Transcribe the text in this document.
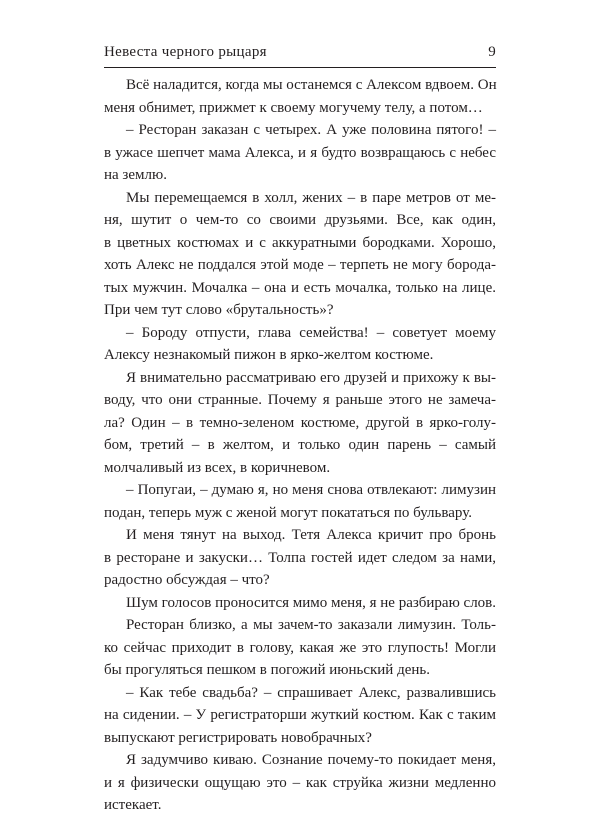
Невеста черного рыцаря	9
Всё наладится, когда мы останемся с Алексом вдвоем. Он
меня обнимет, прижмет к своему могучему телу, а потом…
– Ресторан заказан с четырех. А уже половина пятого! –
в ужасе шепчет мама Алекса, и я будто возвращаюсь с небес
на землю.
Мы перемещаемся в холл, жених – в паре метров от ме-
ня, шутит о чем-то со своими друзьями. Все, как один,
в цветных костюмах и с аккуратными бородками. Хорошо,
хоть Алекс не поддался этой моде – терпеть не могу борода-
тых мужчин. Мочалка – она и есть мочалка, только на лице.
При чем тут слово «брутальность»?
– Бороду отпусти, глава семейства! – советует моему
Алексу незнакомый пижон в ярко-желтом костюме.
Я внимательно рассматриваю его друзей и прихожу к вы-
воду, что они странные. Почему я раньше этого не замеча-
ла? Один – в темно-зеленом костюме, другой в ярко-голу-
бом, третий – в желтом, и только один парень – самый
молчаливый из всех, в коричневом.
– Попугаи, – думаю я, но меня снова отвлекают: лимузин
подан, теперь муж с женой могут покататься по бульвару.
И меня тянут на выход. Тетя Алекса кричит про бронь
в ресторане и закуски… Толпа гостей идет следом за нами,
радостно обсуждая – что?
Шум голосов проносится мимо меня, я не разбираю слов.
Ресторан близко, а мы зачем-то заказали лимузин. Толь-
ко сейчас приходит в голову, какая же это глупость! Могли
бы прогуляться пешком в погожий июньский день.
– Как тебе свадьба? – спрашивает Алекс, развалившись
на сидении. – У регистраторши жуткий костюм. Как с таким
выпускают регистрировать новобрачных?
Я задумчиво киваю. Сознание почему-то покидает меня,
и я физически ощущаю это – как струйка жизни медленно
истекает.
